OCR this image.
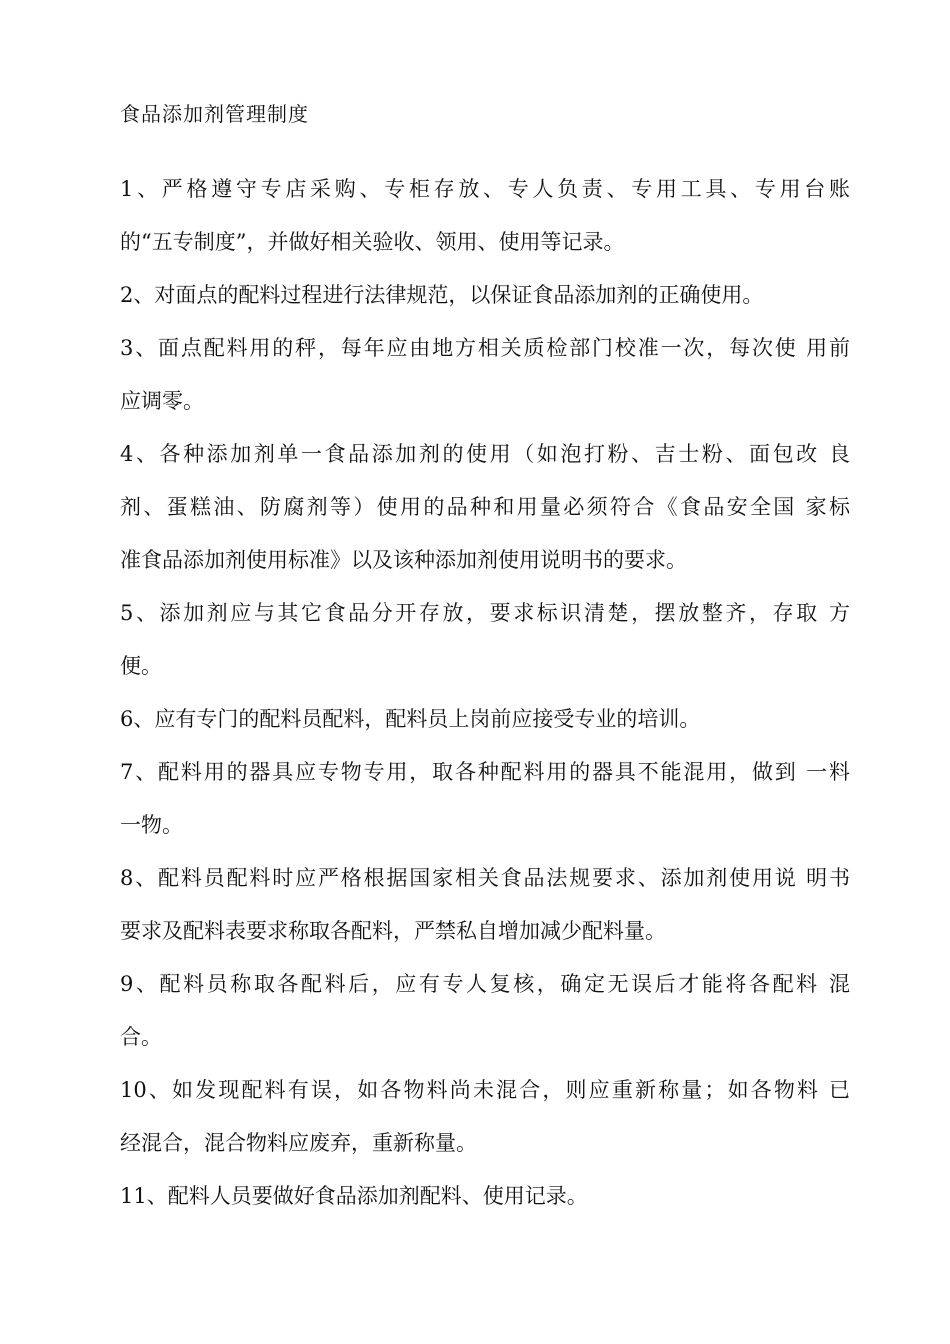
食品添加剂管理制度
1、严格遵守专店采购、专柜存放、专人负责、专用工具、专用台账
的“五专制度”，并做好相关验收、领用、使用等记录。
2、对面点的配料过程进行法律规范，以保证食品添加剂的正确使用。
3、面点配料用的秤，每年应由地方相关质检部门校准一次，每次使 用前
应调零。
4、各种添加剂单一食品添加剂的使用（如泡打粉、吉士粉、面包改 良
剂、蛋糕油、防腐剂等）使用的品种和用量必须符合《食品安全国 家标
准食品添加剂使用标准》以及该种添加剂使用说明书的要求。
5、添加剂应与其它食品分开存放，要求标识清楚，摆放整齐，存取 方
便。
6、应有专门的配料员配料，配料员上岗前应接受专业的培训。
7、配料用的器具应专物专用，取各种配料用的器具不能混用，做到 一料
一物。
8、配料员配料时应严格根据国家相关食品法规要求、添加剂使用说 明书
要求及配料表要求称取各配料，严禁私自增加减少配料量。
9、配料员称取各配料后，应有专人复核，确定无误后才能将各配料 混
合。
10、如发现配料有误，如各物料尚未混合，则应重新称量；如各物料 已
经混合，混合物料应废弃，重新称量。
11、配料人员要做好食品添加剂配料、使用记录。
